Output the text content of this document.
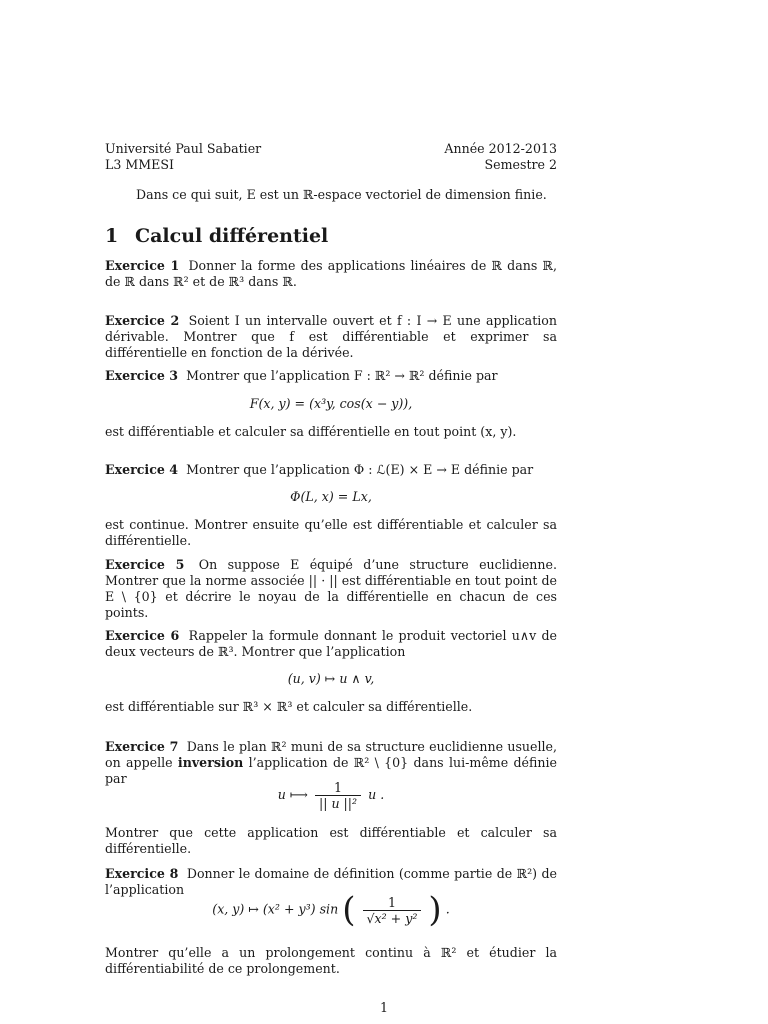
Université Paul Sabatier	Année 2012-2013
L3 MMESI	Semestre 2
Dans ce qui suit, E est un ℝ-espace vectoriel de dimension finie.
1 Calcul différentiel
Exercice 1 Donner la forme des applications linéaires de ℝ dans ℝ, de ℝ dans ℝ² et de ℝ³ dans ℝ.
Exercice 2 Soient I un intervalle ouvert et f : I → E une application dérivable. Montrer que f est différentiable et exprimer sa différentielle en fonction de la dérivée.
Exercice 3 Montrer que l’application F : ℝ² → ℝ² définie par
F(x, y) = (x³y, cos(x − y)),
est différentiable et calculer sa différentielle en tout point (x, y).
Exercice 4 Montrer que l’application Φ : ℒ(E) × E → E définie par
Φ(L, x) = Lx,
est continue. Montrer ensuite qu’elle est différentiable et calculer sa différentielle.
Exercice 5 On suppose E équipé d’une structure euclidienne. Montrer que la norme associée || · || est différentiable en tout point de E \ {0} et décrire le noyau de la différentielle en chacun de ces points.
Exercice 6 Rappeler la formule donnant le produit vectoriel u∧v de deux vecteurs de ℝ³. Montrer que l’application
(u, v) ↦ u ∧ v,
est différentiable sur ℝ³ × ℝ³ et calculer sa différentielle.
Exercice 7 Dans le plan ℝ² muni de sa structure euclidienne usuelle, on appelle inversion l’application de ℝ² \ {0} dans lui-même définie par
u ⟼ $\frac{1}{\text{|| u ||²}}$ u .
Montrer que cette application est différentiable et calculer sa différentielle.
Exercice 8 Donner le domaine de définition (comme partie de ℝ²) de l’application
(x, y) ↦ (x² + y³) sin ( $\frac{1}{\text{√x² + y²}}$ ) .
Montrer qu’elle a un prolongement continu à ℝ² et étudier la différentiabilité de ce prolongement.
1
